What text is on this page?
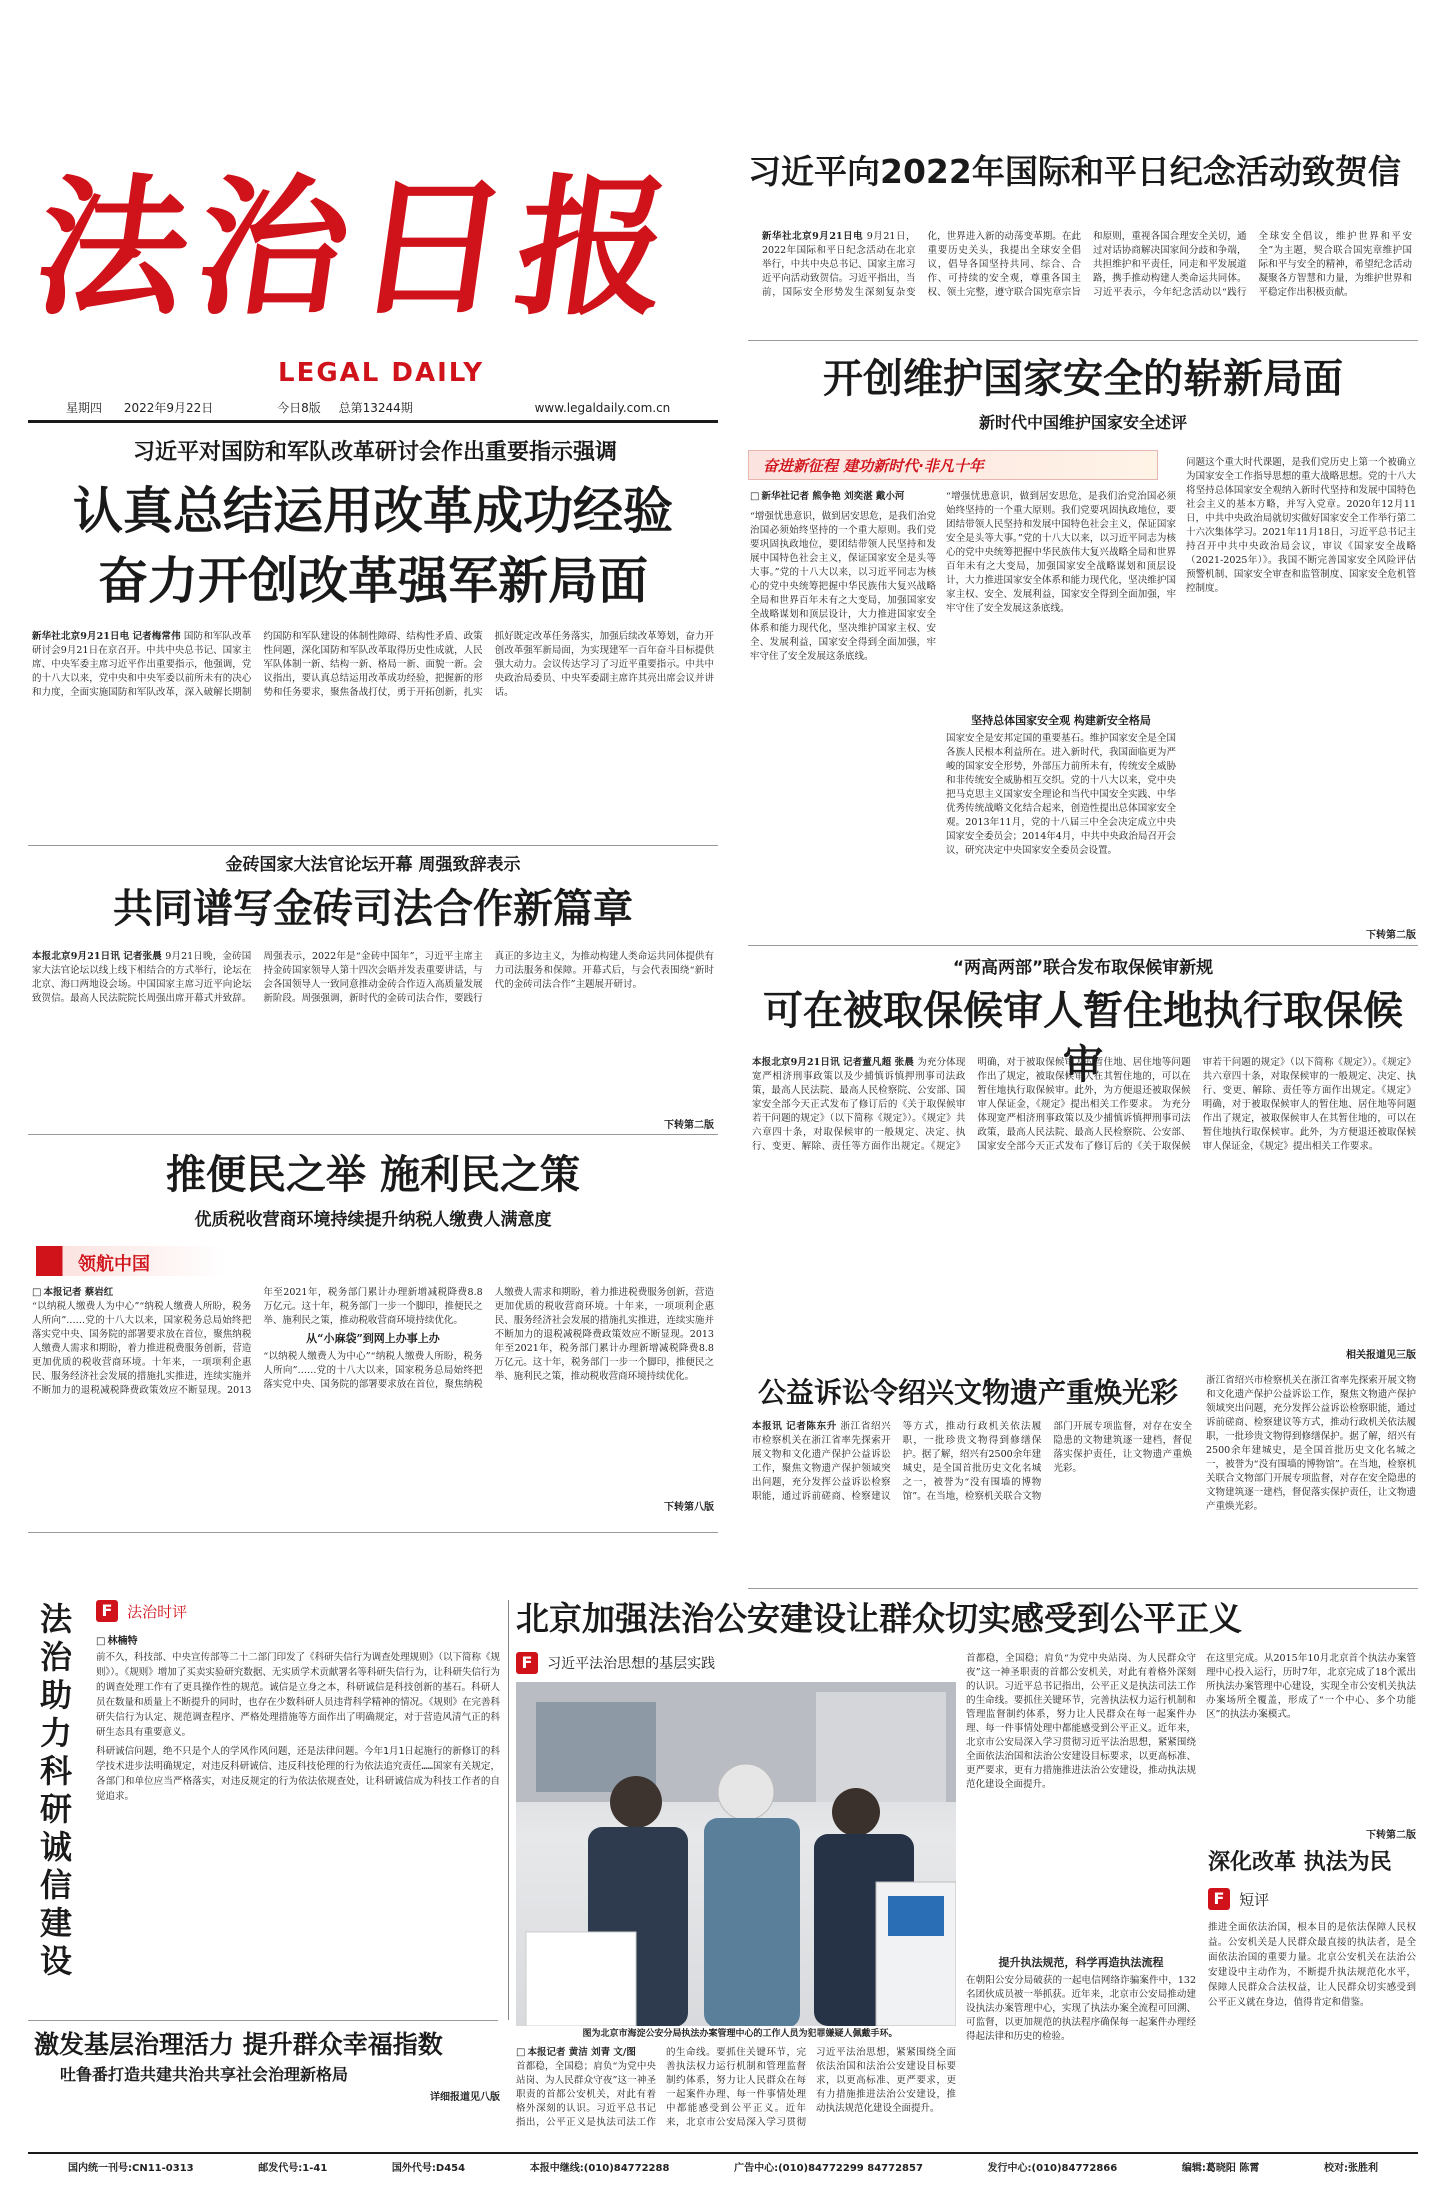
法治日报
LEGAL DAILY
星期四 2022年9月22日	今日8版 总第13244期	www.legaldaily.com.cn
习近平向2022年国际和平日纪念活动致贺信
新华社北京9月21日电 9月21日，2022年国际和平日纪念活动在北京举行，中共中央总书记、国家主席习近平向活动致贺信。习近平指出，当前，国际安全形势发生深刻复杂变化，世界进入新的动荡变革期。在此重要历史关头，我提出全球安全倡议，倡导各国坚持共同、综合、合作、可持续的安全观，尊重各国主权、领土完整，遵守联合国宪章宗旨和原则，重视各国合理安全关切，通过对话协商解决国家间分歧和争端，共担维护和平责任，同走和平发展道路，携手推动构建人类命运共同体。习近平表示，今年纪念活动以“践行全球安全倡议，维护世界和平安全”为主题，契合联合国宪章维护国际和平与安全的精神，希望纪念活动凝聚各方智慧和力量，为维护世界和平稳定作出积极贡献。
开创维护国家安全的崭新局面
新时代中国维护国家安全述评
奋进新征程 建功新时代·非凡十年
□ 新华社记者 熊争艳 刘奕湛 戴小河
“增强忧患意识，做到居安思危，是我们治党治国必须始终坚持的一个重大原则。我们党要巩固执政地位，要团结带领人民坚持和发展中国特色社会主义，保证国家安全是头等大事。”党的十八大以来，以习近平同志为核心的党中央统筹把握中华民族伟大复兴战略全局和世界百年未有之大变局，加强国家安全战略谋划和顶层设计，大力推进国家安全体系和能力现代化，坚决维护国家主权、安全、发展利益，国家安全得到全面加强，牢牢守住了安全发展这条底线。
“增强忧患意识，做到居安思危，是我们治党治国必须始终坚持的一个重大原则。我们党要巩固执政地位，要团结带领人民坚持和发展中国特色社会主义，保证国家安全是头等大事。”党的十八大以来，以习近平同志为核心的党中央统筹把握中华民族伟大复兴战略全局和世界百年未有之大变局，加强国家安全战略谋划和顶层设计，大力推进国家安全体系和能力现代化，坚决维护国家主权、安全、发展利益，国家安全得到全面加强，牢牢守住了安全发展这条底线。
坚持总体国家安全观 构建新安全格局
国家安全是安邦定国的重要基石。维护国家安全是全国各族人民根本利益所在。进入新时代，我国面临更为严峻的国家安全形势，外部压力前所未有，传统安全威胁和非传统安全威胁相互交织。党的十八大以来，党中央把马克思主义国家安全理论和当代中国安全实践、中华优秀传统战略文化结合起来，创造性提出总体国家安全观。2013年11月，党的十八届三中全会决定成立中央国家安全委员会；2014年4月，中共中央政治局召开会议，研究决定中央国家安全委员会设置。
问题这个重大时代课题，是我们党历史上第一个被确立为国家安全工作指导思想的重大战略思想。党的十八大将坚持总体国家安全观纳入新时代坚持和发展中国特色社会主义的基本方略，并写入党章。2020年12月11日，中共中央政治局就切实做好国家安全工作举行第二十六次集体学习。2021年11月18日，习近平总书记主持召开中共中央政治局会议，审议《国家安全战略（2021-2025年）》。我国不断完善国家安全风险评估预警机制、国家安全审查和监管制度、国家安全危机管控制度。
下转第二版
习近平对国防和军队改革研讨会作出重要指示强调
认真总结运用改革成功经验
奋力开创改革强军新局面
新华社北京9月21日电 记者梅常伟 国防和军队改革研讨会9月21日在京召开。中共中央总书记、国家主席、中央军委主席习近平作出重要指示，他强调，党的十八大以来，党中央和中央军委以前所未有的决心和力度，全面实施国防和军队改革，深入破解长期制约国防和军队建设的体制性障碍、结构性矛盾、政策性问题，深化国防和军队改革取得历史性成就，人民军队体制一新、结构一新、格局一新、面貌一新。会议指出，要认真总结运用改革成功经验，把握新的形势和任务要求，聚焦备战打仗，勇于开拓创新，扎实抓好既定改革任务落实，加强后续改革筹划，奋力开创改革强军新局面，为实现建军一百年奋斗目标提供强大动力。会议传达学习了习近平重要指示。中共中央政治局委员、中央军委副主席许其亮出席会议并讲话。
金砖国家大法官论坛开幕 周强致辞表示
共同谱写金砖司法合作新篇章
本报北京9月21日讯 记者张晨 9月21日晚，金砖国家大法官论坛以线上线下相结合的方式举行，论坛在北京、海口两地设会场。中国国家主席习近平向论坛致贺信。最高人民法院院长周强出席开幕式并致辞。周强表示，2022年是“金砖中国年”，习近平主席主持金砖国家领导人第十四次会晤并发表重要讲话，与会各国领导人一致同意推动金砖合作迈入高质量发展新阶段。周强强调，新时代的金砖司法合作，要践行真正的多边主义，为推动构建人类命运共同体提供有力司法服务和保障。开幕式后，与会代表围绕“新时代的金砖司法合作”主题展开研讨。
下转第二版
推便民之举 施利民之策
优质税收营商环境持续提升纳税人缴费人满意度
领航中国
□ 本报记者 蔡岩红
“以纳税人缴费人为中心”“纳税人缴费人所盼，税务人所向”……党的十八大以来，国家税务总局始终把落实党中央、国务院的部署要求放在首位，聚焦纳税人缴费人需求和期盼，着力推进税费服务创新，营造更加优质的税收营商环境。十年来，一项项利企惠民、服务经济社会发展的措施扎实推进，连续实施并不断加力的退税减税降费政策效应不断显现。2013年至2021年，税务部门累计办理新增减税降费8.8万亿元。这十年，税务部门一步一个脚印，推便民之举、施利民之策，推动税收营商环境持续优化。
从“小麻袋”到网上办事上办
“以纳税人缴费人为中心”“纳税人缴费人所盼，税务人所向”……党的十八大以来，国家税务总局始终把落实党中央、国务院的部署要求放在首位，聚焦纳税人缴费人需求和期盼，着力推进税费服务创新，营造更加优质的税收营商环境。十年来，一项项利企惠民、服务经济社会发展的措施扎实推进，连续实施并不断加力的退税减税降费政策效应不断显现。2013年至2021年，税务部门累计办理新增减税降费8.8万亿元。这十年，税务部门一步一个脚印，推便民之举、施利民之策，推动税收营商环境持续优化。
下转第八版
“两高两部”联合发布取保候审新规
可在被取保候审人暂住地执行取保候审
本报北京9月21日讯 记者董凡超 张晨 为充分体现宽严相济刑事政策以及少捕慎诉慎押刑事司法政策，最高人民法院、最高人民检察院、公安部、国家安全部今天正式发布了修订后的《关于取保候审若干问题的规定》（以下简称《规定》）。《规定》共六章四十条，对取保候审的一般规定、决定、执行、变更、解除、责任等方面作出规定。《规定》明确，对于被取保候审人的暂住地、居住地等问题作出了规定，被取保候审人在其暂住地的，可以在暂住地执行取保候审。此外，为方便退还被取保候审人保证金，《规定》提出相关工作要求。 为充分体现宽严相济刑事政策以及少捕慎诉慎押刑事司法政策，最高人民法院、最高人民检察院、公安部、国家安全部今天正式发布了修订后的《关于取保候审若干问题的规定》（以下简称《规定》）。《规定》共六章四十条，对取保候审的一般规定、决定、执行、变更、解除、责任等方面作出规定。《规定》明确，对于被取保候审人的暂住地、居住地等问题作出了规定，被取保候审人在其暂住地的，可以在暂住地执行取保候审。此外，为方便退还被取保候审人保证金，《规定》提出相关工作要求。
相关报道见三版
公益诉讼令绍兴文物遗产重焕光彩
本报讯 记者陈东升 浙江省绍兴市检察机关在浙江省率先探索开展文物和文化遗产保护公益诉讼工作，聚焦文物遗产保护领域突出问题，充分发挥公益诉讼检察职能，通过诉前磋商、检察建议等方式，推动行政机关依法履职，一批珍贵文物得到修缮保护。据了解，绍兴有2500余年建城史，是全国首批历史文化名城之一，被誉为“没有围墙的博物馆”。在当地，检察机关联合文物部门开展专项监督，对存在安全隐患的文物建筑逐一建档，督促落实保护责任，让文物遗产重焕光彩。
浙江省绍兴市检察机关在浙江省率先探索开展文物和文化遗产保护公益诉讼工作，聚焦文物遗产保护领域突出问题，充分发挥公益诉讼检察职能，通过诉前磋商、检察建议等方式，推动行政机关依法履职，一批珍贵文物得到修缮保护。据了解，绍兴有2500余年建城史，是全国首批历史文化名城之一，被誉为“没有围墙的博物馆”。在当地，检察机关联合文物部门开展专项监督，对存在安全隐患的文物建筑逐一建档，督促落实保护责任，让文物遗产重焕光彩。
法治助力科研诚信建设
F 法治时评
□ 林楠特
前不久，科技部、中央宣传部等二十二部门印发了《科研失信行为调查处理规则》（以下简称《规则》）。《规则》增加了买卖实验研究数据、无实质学术贡献署名等科研失信行为，让科研失信行为的调查处理工作有了更具操作性的规范。诚信是立身之本，科研诚信是科技创新的基石。科研人员在数量和质量上不断提升的同时，也存在少数科研人员违背科学精神的情况。《规则》在完善科研失信行为认定、规范调查程序、严格处理措施等方面作出了明确规定，对于营造风清气正的科研生态具有重要意义。
科研诚信问题，绝不只是个人的学风作风问题，还是法律问题。今年1月1日起施行的新修订的科学技术进步法明确规定，对违反科研诚信、违反科技伦理的行为依法追究责任……国家有关规定，各部门和单位应当严格落实，对违反规定的行为依法依规查处，让科研诚信成为科技工作者的自觉追求。
激发基层治理活力 提升群众幸福指数
吐鲁番打造共建共治共享社会治理新格局
详细报道见八版
北京加强法治公安建设让群众切实感受到公平正义
F 习近平法治思想的基层实践
图为北京市海淀公安分局执法办案管理中心的工作人员为犯罪嫌疑人佩戴手环。
□ 本报记者 黄洁 刘青 文/图
首都稳，全国稳；肩负“为党中央站岗、为人民群众守夜”这一神圣职责的首都公安机关，对此有着格外深刻的认识。习近平总书记指出，公平正义是执法司法工作的生命线。要抓住关键环节，完善执法权力运行机制和管理监督制约体系，努力让人民群众在每一起案件办理、每一件事情处理中都能感受到公平正义。近年来，北京市公安局深入学习贯彻习近平法治思想，紧紧围绕全面依法治国和法治公安建设目标要求，以更高标准、更严要求，更有力措施推进法治公安建设，推动执法规范化建设全面提升。
首都稳，全国稳；肩负“为党中央站岗、为人民群众守夜”这一神圣职责的首都公安机关，对此有着格外深刻的认识。习近平总书记指出，公平正义是执法司法工作的生命线。要抓住关键环节，完善执法权力运行机制和管理监督制约体系，努力让人民群众在每一起案件办理、每一件事情处理中都能感受到公平正义。近年来，北京市公安局深入学习贯彻习近平法治思想，紧紧围绕全面依法治国和法治公安建设目标要求，以更高标准、更严要求，更有力措施推进法治公安建设，推动执法规范化建设全面提升。
提升执法规范，科学再造执法流程
在朝阳公安分局破获的一起电信网络诈骗案件中，132名团伙成员被一举抓获。近年来，北京市公安局推动建设执法办案管理中心，实现了执法办案全流程可回溯、可监督，以更加规范的执法程序确保每一起案件办理经得起法律和历史的检验。
在这里完成。从2015年10月北京首个执法办案管理中心投入运行，历时7年，北京完成了18个派出所执法办案管理中心建设，实现全市公安机关执法办案场所全覆盖，形成了“一个中心、多个功能区”的执法办案模式。
下转第二版
深化改革 执法为民
F 短评
推进全面依法治国，根本目的是依法保障人民权益。公安机关是人民群众最直接的执法者，是全面依法治国的重要力量。北京公安机关在法治公安建设中主动作为，不断提升执法规范化水平，保障人民群众合法权益，让人民群众切实感受到公平正义就在身边，值得肯定和借鉴。
国内统一刊号:CN11-0313	邮发代号:1-41	国外代号:D454	本报中继线:(010)84772288	广告中心:(010)84772299 84772857	发行中心:(010)84772866	编辑:葛晓阳 陈霄	校对:张胜利
